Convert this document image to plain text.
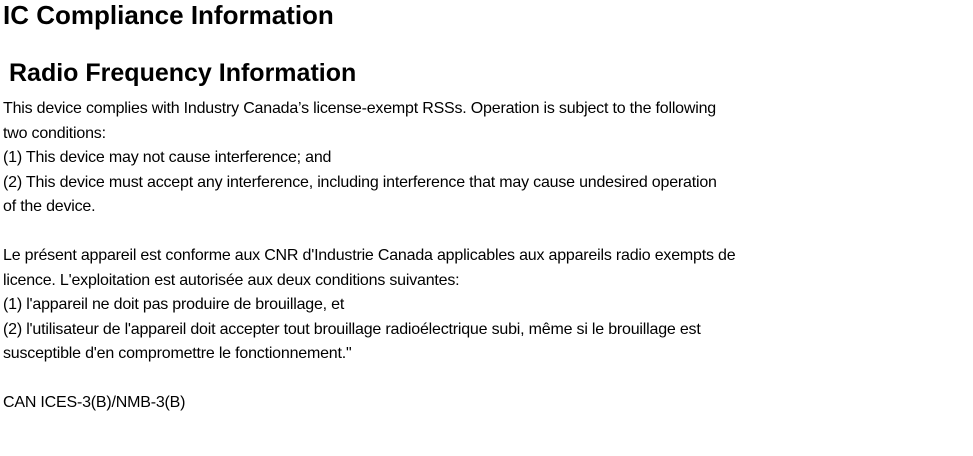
IC Compliance Information
Radio Frequency Information
This device complies with Industry Canada’s license-exempt RSSs. Operation is subject to the following
two conditions:
(1) This device may not cause interference; and
(2) This device must accept any interference, including interference that may cause undesired operation
of the device.
Le présent appareil est conforme aux CNR d'Industrie Canada applicables aux appareils radio exempts de
licence. L'exploitation est autorisée aux deux conditions suivantes:
(1) l'appareil ne doit pas produire de brouillage, et
(2) l'utilisateur de l'appareil doit accepter tout brouillage radioélectrique subi, même si le brouillage est
susceptible d'en compromettre le fonctionnement."
CAN ICES-3(B)/NMB-3(B)
